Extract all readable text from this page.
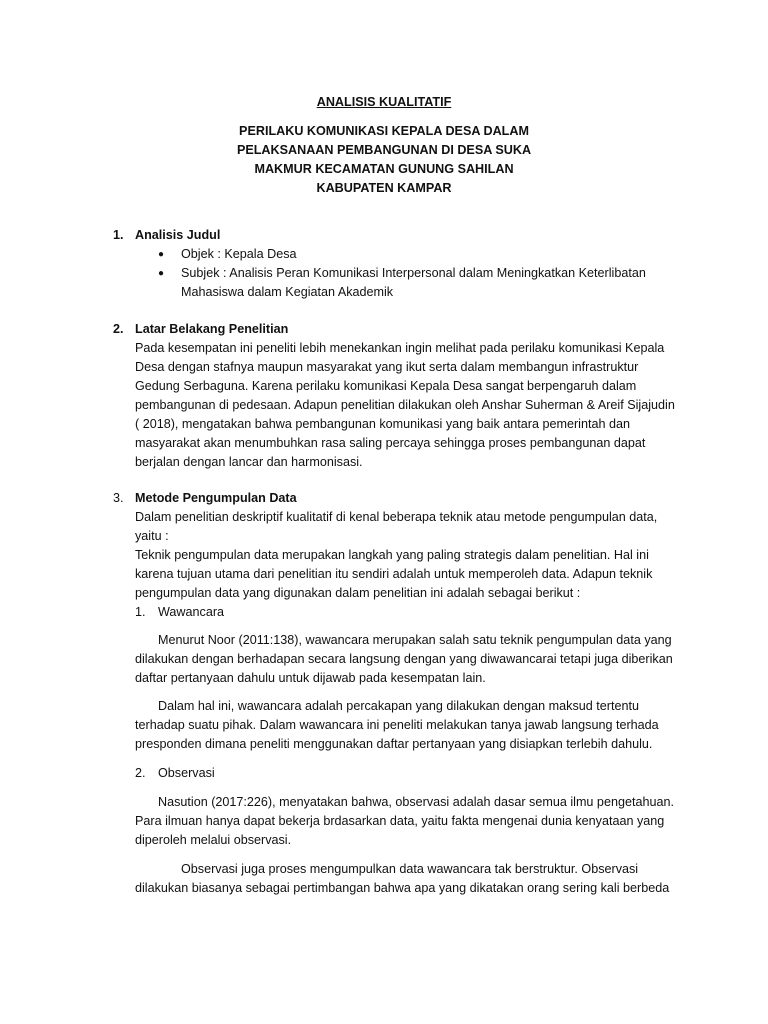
ANALISIS KUALITATIF
PERILAKU KOMUNIKASI KEPALA DESA DALAM
PELAKSANAAN PEMBANGUNAN DI DESA SUKA
MAKMUR KECAMATAN GUNUNG SAHILAN
KABUPATEN KAMPAR
1. Analisis Judul
● Objek : Kepala Desa
● Subjek : Analisis Peran Komunikasi Interpersonal dalam Meningkatkan Keterlibatan
Mahasiswa dalam Kegiatan Akademik
2. Latar Belakang Penelitian
Pada kesempatan ini peneliti lebih menekankan ingin melihat pada perilaku komunikasi Kepala
Desa dengan stafnya maupun masyarakat yang ikut serta dalam membangun infrastruktur
Gedung Serbaguna. Karena perilaku komunikasi Kepala Desa sangat berpengaruh dalam
pembangunan di pedesaan. Adapun penelitian dilakukan oleh Anshar Suherman & Areif Sijajudin
( 2018), mengatakan bahwa pembangunan komunikasi yang baik antara pemerintah dan
masyarakat akan menumbuhkan rasa saling percaya sehingga proses pembangunan dapat
berjalan dengan lancar dan harmonisasi.
3. Metode Pengumpulan Data
Dalam penelitian deskriptif kualitatif di kenal beberapa teknik atau metode pengumpulan data,
yaitu :
Teknik pengumpulan data merupakan langkah yang paling strategis dalam penelitian. Hal ini
karena tujuan utama dari penelitian itu sendiri adalah untuk memperoleh data. Adapun teknik
pengumpulan data yang digunakan dalam penelitian ini adalah sebagai berikut :
1. Wawancara
Menurut Noor (2011:138), wawancara merupakan salah satu teknik pengumpulan data yang
dilakukan dengan berhadapan secara langsung dengan yang diwawancarai tetapi juga diberikan
daftar pertanyaan dahulu untuk dijawab pada kesempatan lain.
Dalam hal ini, wawancara adalah percakapan yang dilakukan dengan maksud tertentu
terhadap suatu pihak. Dalam wawancara ini peneliti melakukan tanya jawab langsung terhada
presponden dimana peneliti menggunakan daftar pertanyaan yang disiapkan terlebih dahulu.
2. Observasi
Nasution (2017:226), menyatakan bahwa, observasi adalah dasar semua ilmu pengetahuan.
Para ilmuan hanya dapat bekerja brdasarkan data, yaitu fakta mengenai dunia kenyataan yang
diperoleh melalui observasi.
Observasi juga proses mengumpulkan data wawancara tak berstruktur. Observasi
dilakukan biasanya sebagai pertimbangan bahwa apa yang dikatakan orang sering kali berbeda
